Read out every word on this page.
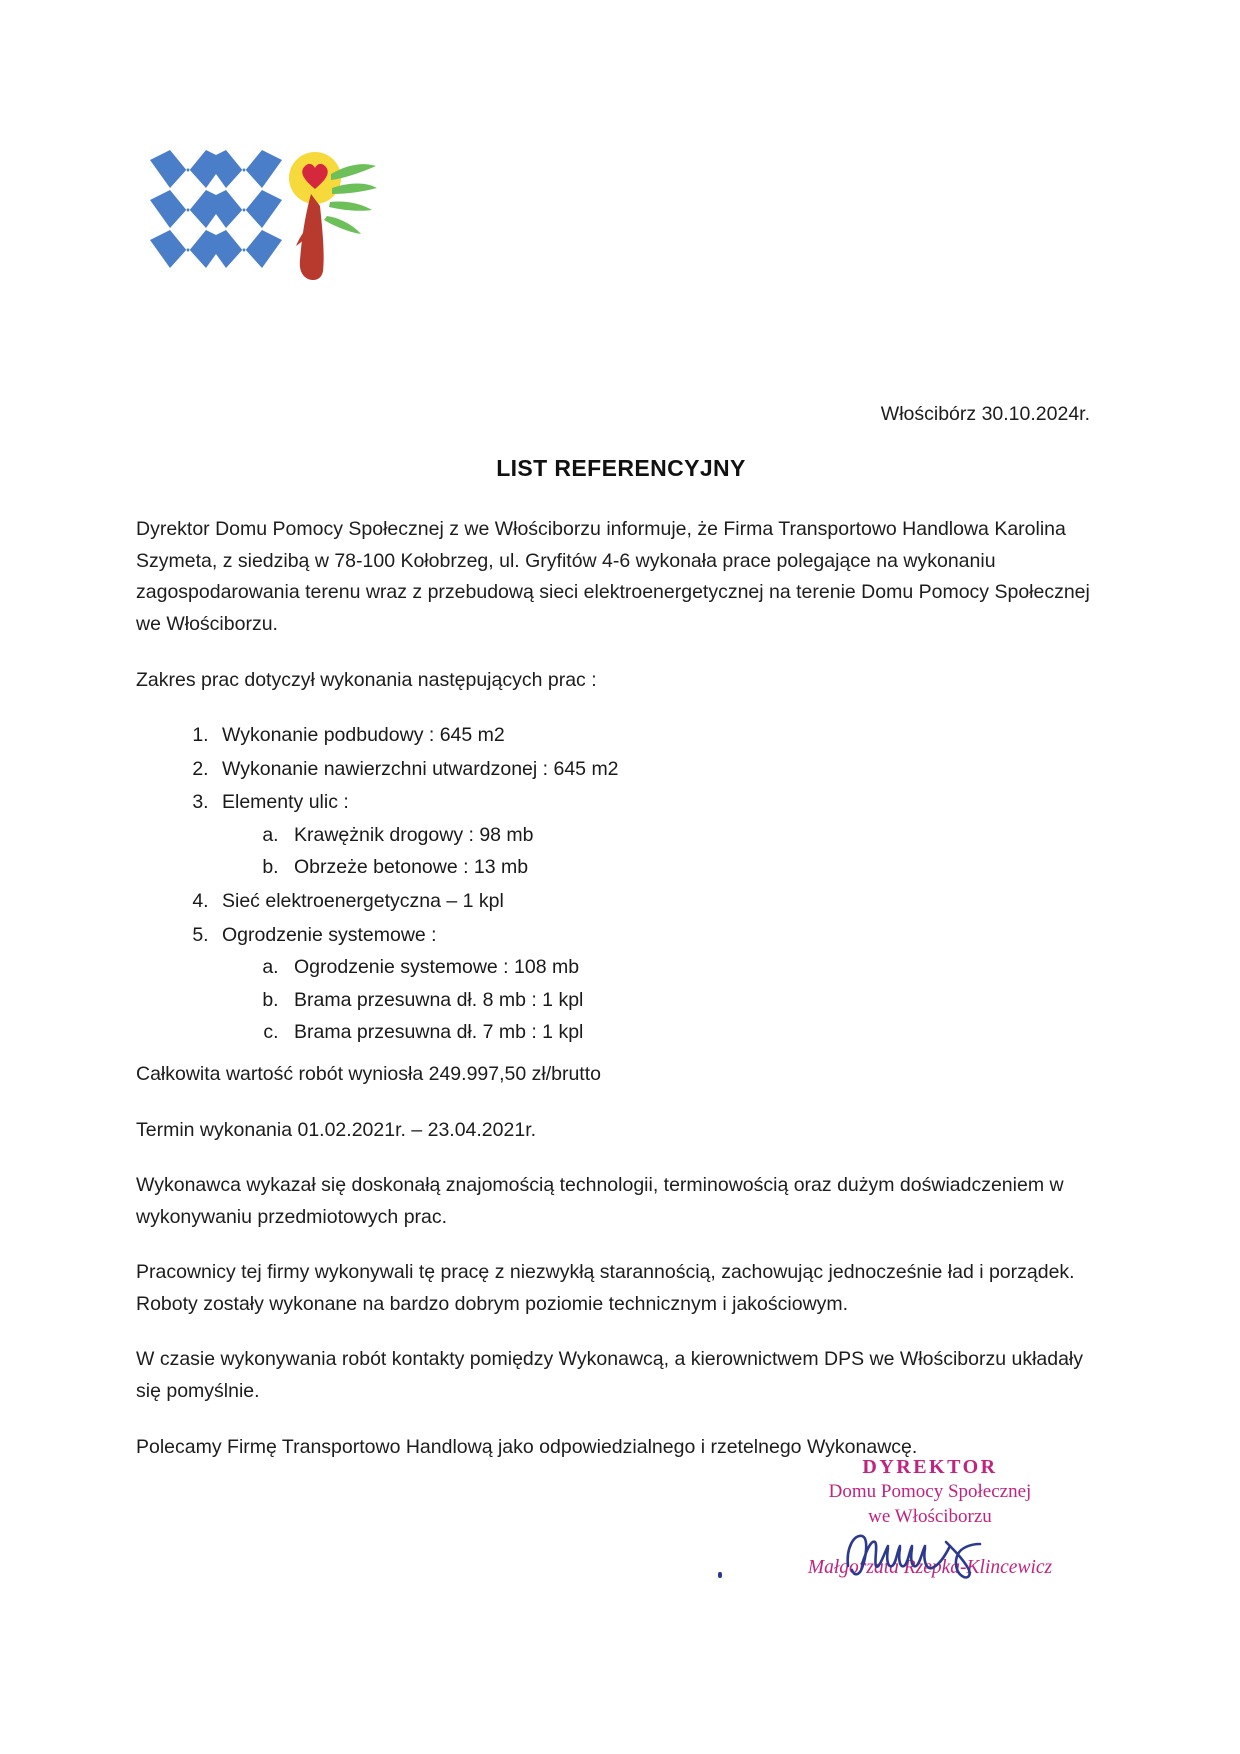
Włościbórz 30.10.2024r.
LIST REFERENCYJNY

Dyrektor Domu Pomocy Społecznej z we Włościborzu informuje, że Firma Transportowo Handlowa Karolina Szymeta, z siedzibą w 78-100 Kołobrzeg, ul. Gryfitów 4-6 wykonała prace polegające na wykonaniu zagospodarowania terenu wraz z przebudową sieci elektroenergetycznej na terenie Domu Pomocy Społecznej we Włościborzu.

Zakres prac dotyczył wykonania następujących prac :

1. Wykonanie podbudowy : 645 m2
2. Wykonanie nawierzchni utwardzonej : 645 m2
3. Elementy ulic :
a. Krawężnik drogowy : 98 mb
b. Obrzeże betonowe : 13 mb
4. Sieć elektroenergetyczna – 1 kpl
5. Ogrodzenie systemowe :
a. Ogrodzenie systemowe : 108 mb
b. Brama przesuwna dł. 8 mb : 1 kpl
c. Brama przesuwna dł. 7 mb : 1 kpl

Całkowita wartość robót wyniosła 249.997,50 zł/brutto

Termin wykonania 01.02.2021r. – 23.04.2021r.

Wykonawca wykazał się doskonałą znajomością technologii, terminowością oraz dużym doświadczeniem w wykonywaniu przedmiotowych prac.

Pracownicy tej firmy wykonywali tę pracę z niezwykłą starannością, zachowując jednocześnie ład i porządek. Roboty zostały wykonane na bardzo dobrym poziomie technicznym i jakościowym.

W czasie wykonywania robót kontakty pomiędzy Wykonawcą, a kierownictwem DPS we Włościborzu układały się pomyślnie.

Polecamy Firmę Transportowo Handlową jako odpowiedzialnego i rzetelnego Wykonawcę.

DYREKTOR
Domu Pomocy Społecznej
we Włościborzu
Małgorzata Rzepka-Klincewicz
